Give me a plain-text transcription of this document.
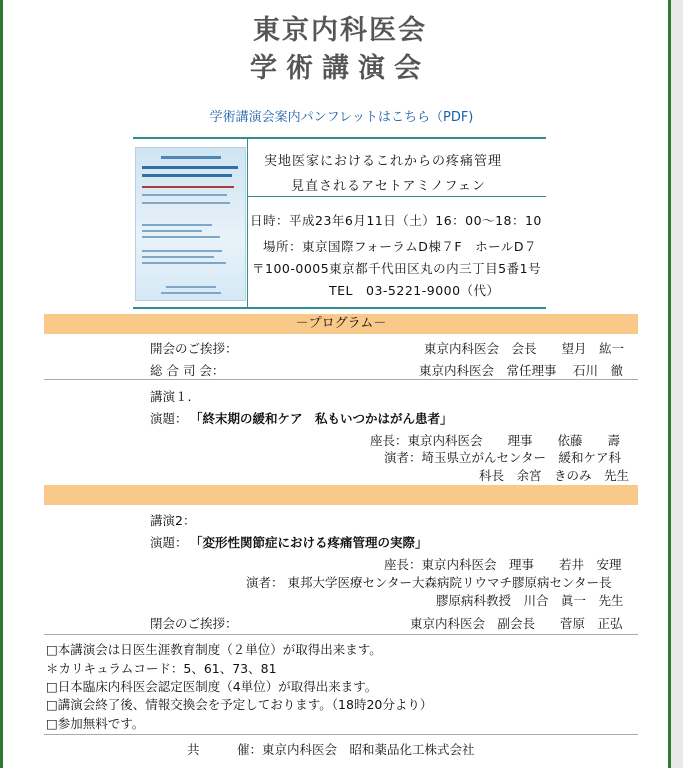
東京内科医会
学術講演会
学術講演会案内パンフレットはこちら（PDF)
実地医家におけるこれからの疼痛管理
見直されるアセトアミノフェン
日時：平成23年6月11日（土）16：00〜18：10
場所：東京国際フォーラムD棟７F　ホールD７
〒100-0005東京都千代田区丸の内三丁目5番1号
TEL　03-5221-9000（代）
－プログラム－
開会のご挨拶：	東京内科医会　会長　　望月　紘一
総 合 司 会：	東京内科医会　常任理事　 石川　徹
講演１.
演題： 「終末期の緩和ケア　私もいつかはがん患者」
座長：東京内科医会　　理事　　依藤　　壽
演者：埼玉県立がんセンター　緩和ケア科
科長　余宮　きのみ　先生
講演2：
演題： 「変形性関節症における疼痛管理の実際」
座長：東京内科医会　理事　　若井　安理
演者： 東邦大学医療センター大森病院リウマチ膠原病センター長
膠原病科教授　川合　眞一　先生
閉会のご挨拶：	東京内科医会　副会長　　菅原　正弘
□本講演会は日医生涯教育制度（２単位）が取得出来ます。
＊カリキュラムコード：5、61、73、81
□日本臨床内科医会認定医制度（4単位）が取得出来ます。
□講演会終了後、情報交換会を予定しております。（18時20分より）
□参加無料です。
共　　　催：東京内科医会　昭和薬品化工株式会社
